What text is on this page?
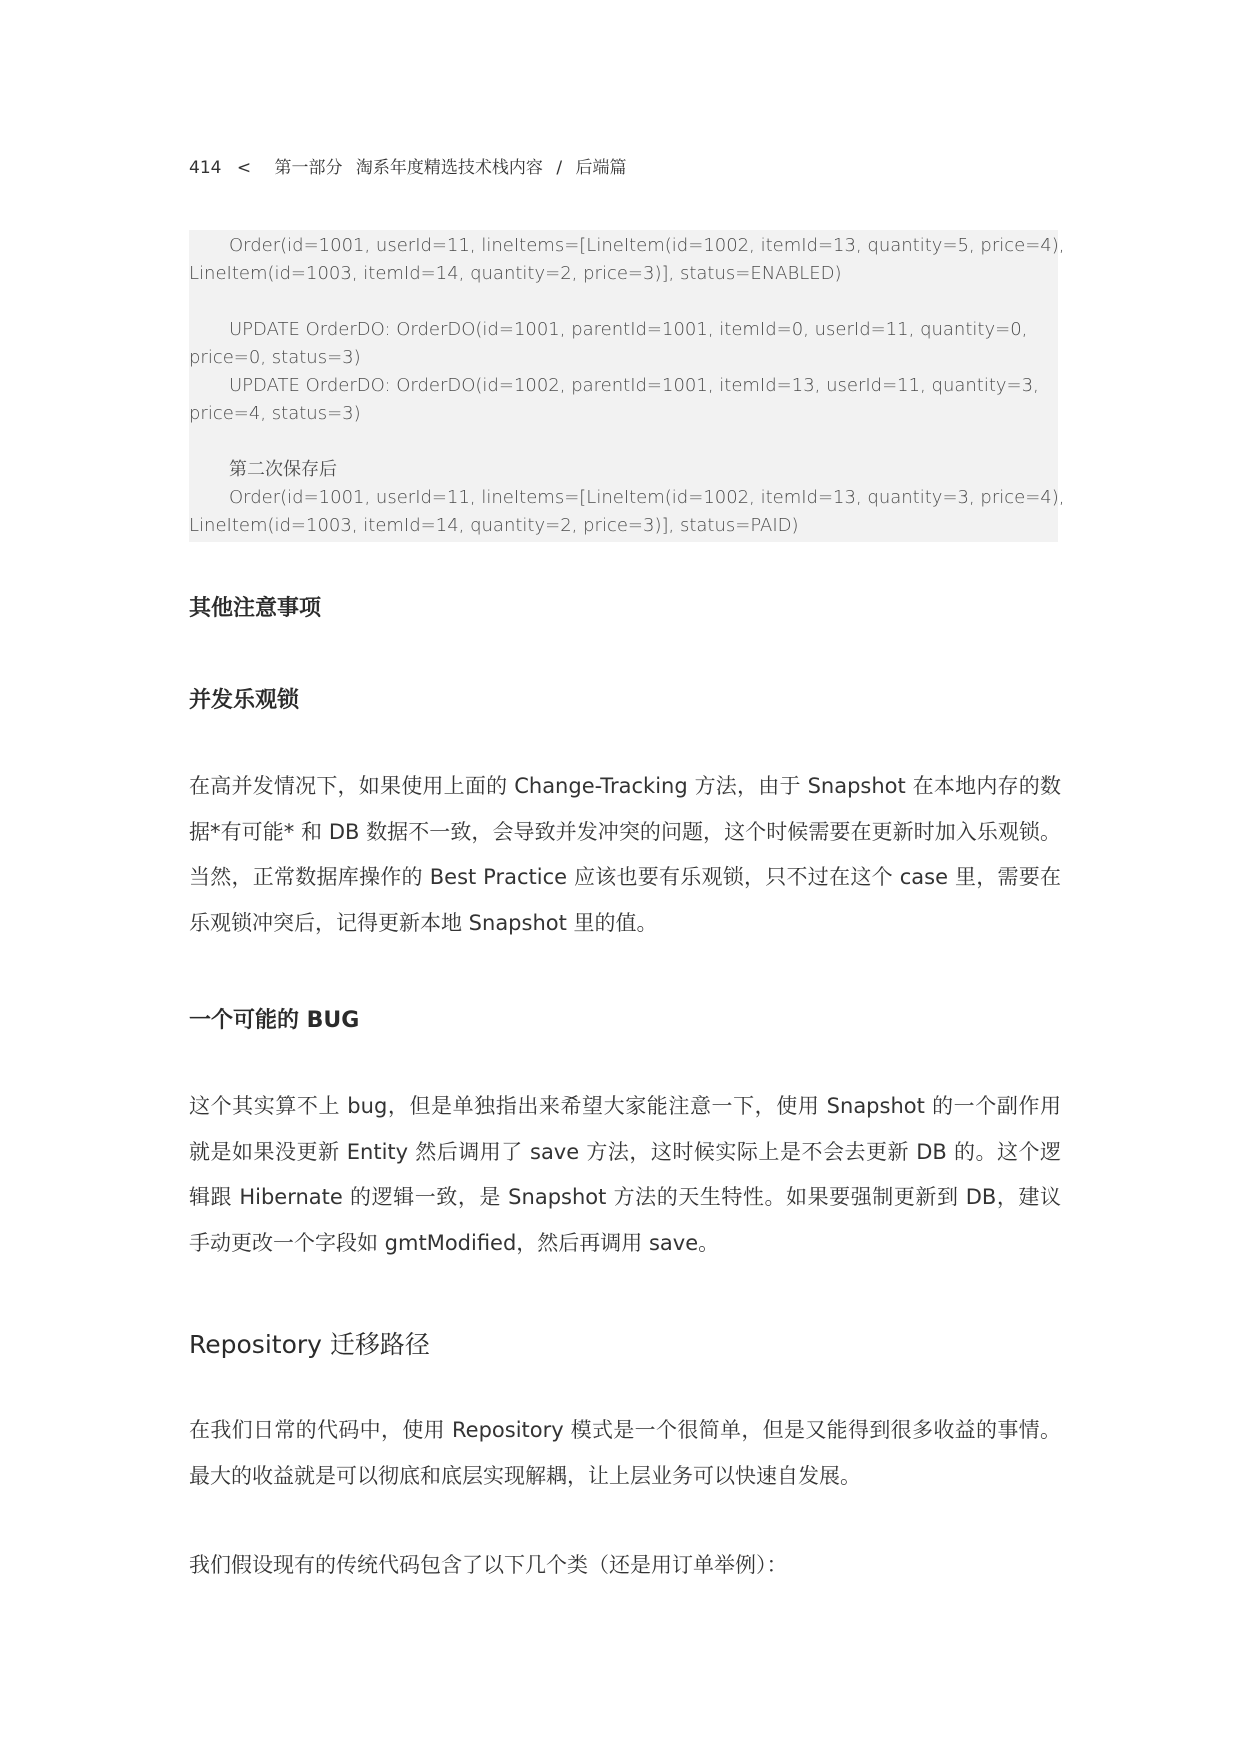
414 < 第一部分 淘系年度精选技术栈内容 / 后端篇
Order(id=1001, userId=11, lineItems=[LineItem(id=1002, itemId=13, quantity=5, price=4),
LineItem(id=1003, itemId=14, quantity=2, price=3)], status=ENABLED)
UPDATE OrderDO: OrderDO(id=1001, parentId=1001, itemId=0, userId=11, quantity=0,
price=0, status=3)
UPDATE OrderDO: OrderDO(id=1002, parentId=1001, itemId=13, userId=11, quantity=3,
price=4, status=3)
第二次保存后
Order(id=1001, userId=11, lineItems=[LineItem(id=1002, itemId=13, quantity=3, price=4),
LineItem(id=1003, itemId=14, quantity=2, price=3)], status=PAID)
其他注意事项
并发乐观锁
在高并发情况下，如果使用上面的 Change-Tracking 方法，由于 Snapshot 在本地内存的数据*有可能* 和 DB 数据不一致，会导致并发冲突的问题，这个时候需要在更新时加入乐观锁。当然，正常数据库操作的 Best Practice 应该也要有乐观锁，只不过在这个 case 里，需要在乐观锁冲突后，记得更新本地 Snapshot 里的值。
一个可能的 BUG
这个其实算不上 bug，但是单独指出来希望大家能注意一下，使用 Snapshot 的一个副作用就是如果没更新 Entity 然后调用了 save 方法，这时候实际上是不会去更新 DB 的。这个逻辑跟 Hibernate 的逻辑一致，是 Snapshot 方法的天生特性。如果要强制更新到 DB，建议手动更改一个字段如 gmtModified，然后再调用 save。
Repository 迁移路径
在我们日常的代码中，使用 Repository 模式是一个很简单，但是又能得到很多收益的事情。最大的收益就是可以彻底和底层实现解耦，让上层业务可以快速自发展。
我们假设现有的传统代码包含了以下几个类（还是用订单举例）：
